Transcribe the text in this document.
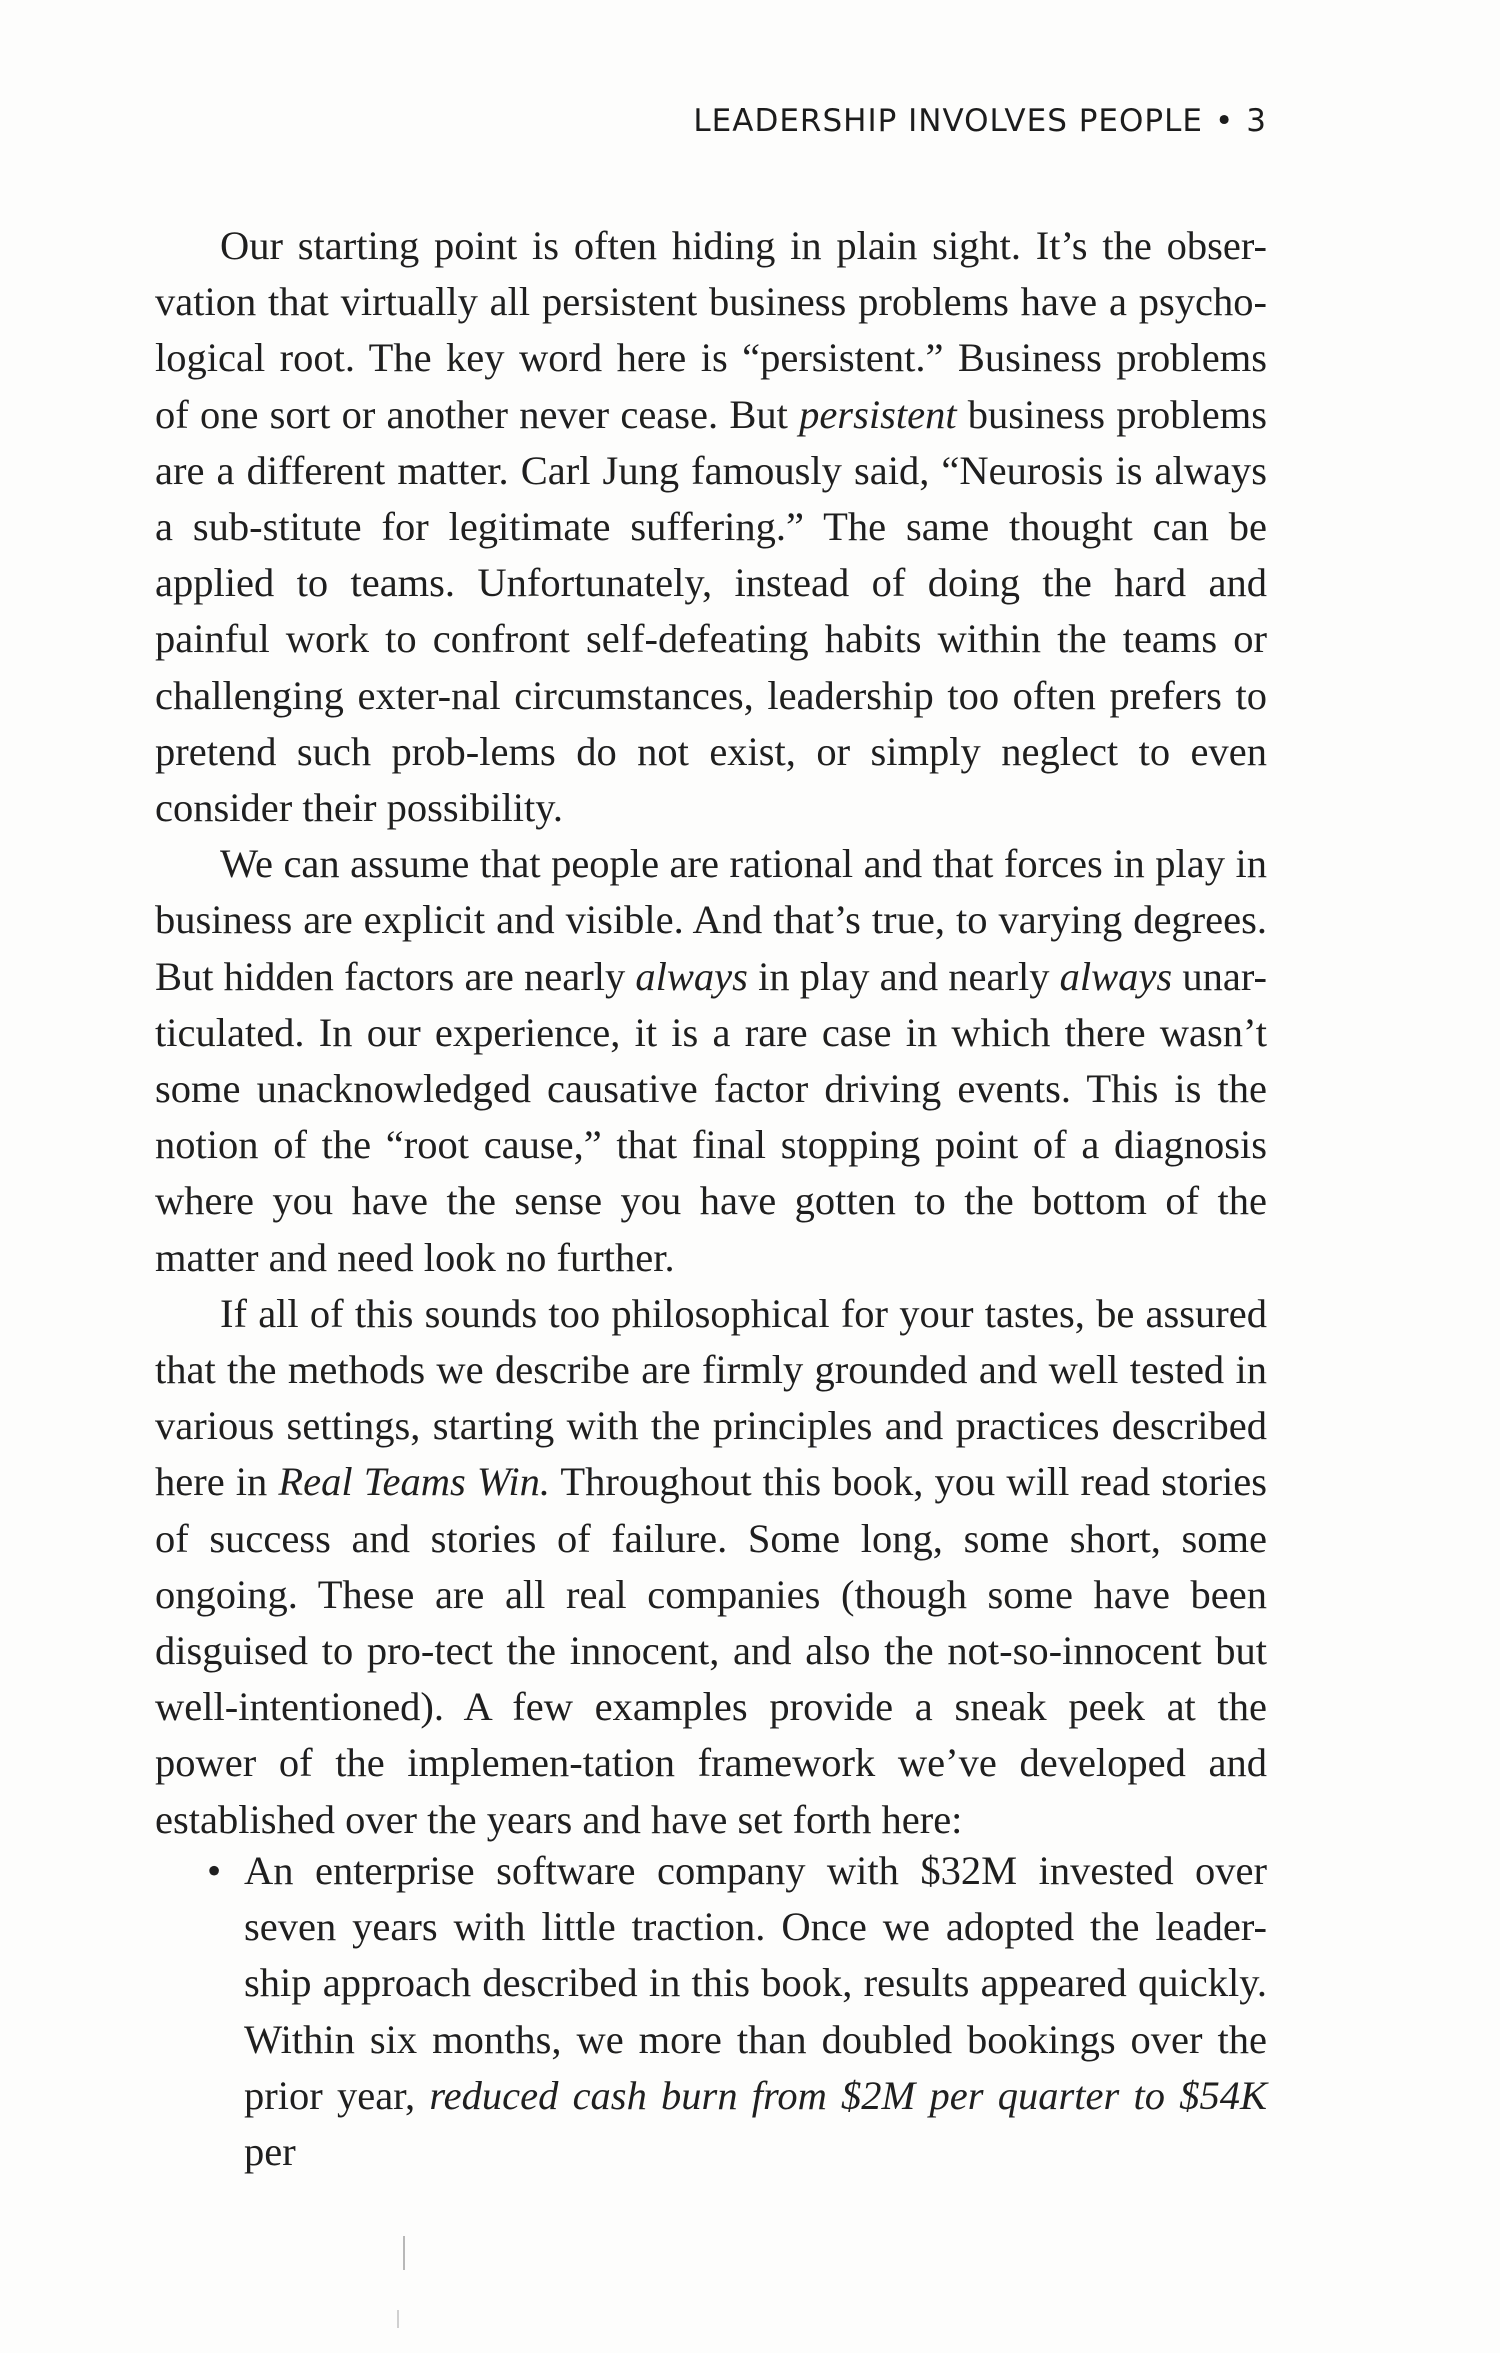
LEADERSHIP INVOLVES PEOPLE • 3

Our starting point is often hiding in plain sight. It’s the obser-vation that virtually all persistent business problems have a psycho-logical root. The key word here is “persistent.” Business problems of one sort or another never cease. But persistent business problems are a different matter. Carl Jung famously said, “Neurosis is always a sub-stitute for legitimate suffering.” The same thought can be applied to teams. Unfortunately, instead of doing the hard and painful work to confront self-defeating habits within the teams or challenging exter-nal circumstances, leadership too often prefers to pretend such prob-lems do not exist, or simply neglect to even consider their possibility.

We can assume that people are rational and that forces in play in business are explicit and visible. And that’s true, to varying degrees. But hidden factors are nearly always in play and nearly always unar-ticulated. In our experience, it is a rare case in which there wasn’t some unacknowledged causative factor driving events. This is the notion of the “root cause,” that final stopping point of a diagnosis where you have the sense you have gotten to the bottom of the matter and need look no further.

If all of this sounds too philosophical for your tastes, be assured that the methods we describe are firmly grounded and well tested in various settings, starting with the principles and practices described here in Real Teams Win. Throughout this book, you will read stories of success and stories of failure. Some long, some short, some ongoing. These are all real companies (though some have been disguised to pro-tect the innocent, and also the not-so-innocent but well-intentioned). A few examples provide a sneak peek at the power of the implemen-tation framework we’ve developed and established over the years and have set forth here:

• An enterprise software company with $32M invested over seven years with little traction. Once we adopted the leader-ship approach described in this book, results appeared quickly. Within six months, we more than doubled bookings over the prior year, reduced cash burn from $2M per quarter to $54K per
